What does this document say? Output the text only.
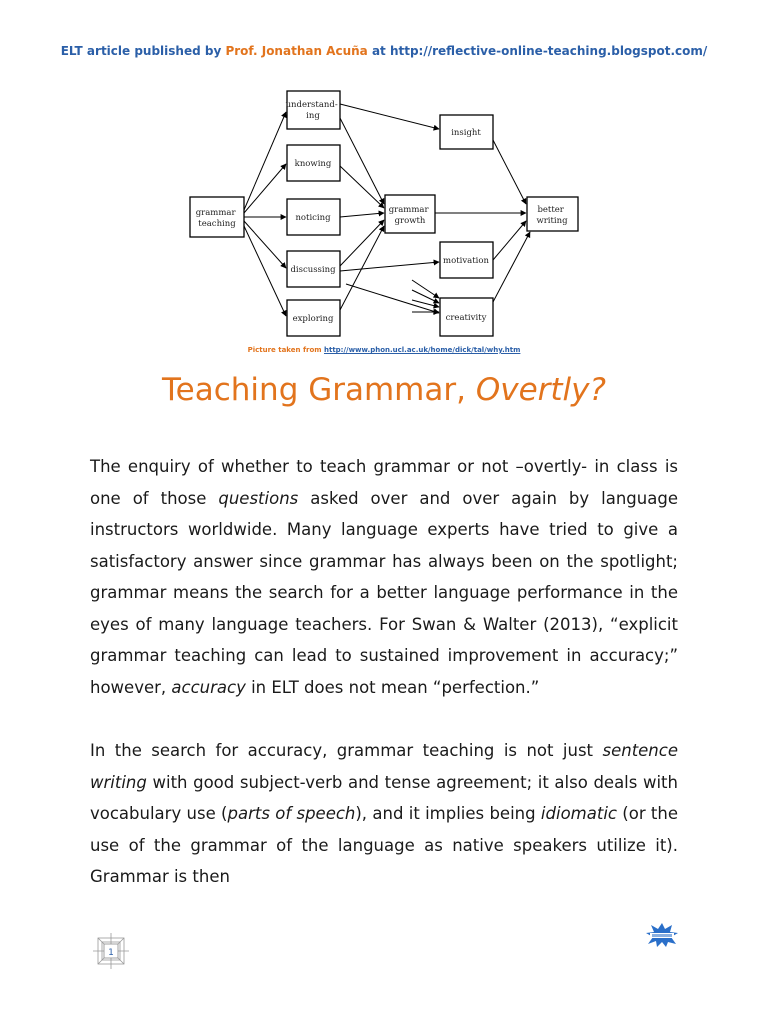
ELT article published by Prof. Jonathan Acuña at http://reflective-online-teaching.blogspot.com/
grammar teaching
understand- ing
knowing
noticing
discussing
exploring
grammar growth
insight
motivation
creativity
better writing
Picture taken from http://www.phon.ucl.ac.uk/home/dick/tal/why.htm
Teaching Grammar, Overtly?

The enquiry of whether to teach grammar or not –overtly- in class is one of those questions asked over and over again by language instructors worldwide. Many language experts have tried to give a satisfactory answer since grammar has always been on the spotlight; grammar means the search for a better language performance in the eyes of many language teachers. For Swan & Walter (2013), “explicit grammar teaching can lead to sustained improvement in accuracy;” however, accuracy in ELT does not mean “perfection.”

In the search for accuracy, grammar teaching is not just sentence writing with good subject-verb and tense agreement; it also deals with vocabulary use (parts of speech), and it implies being idiomatic (or the use of the grammar of the language as native speakers utilize it). Grammar is then

1
